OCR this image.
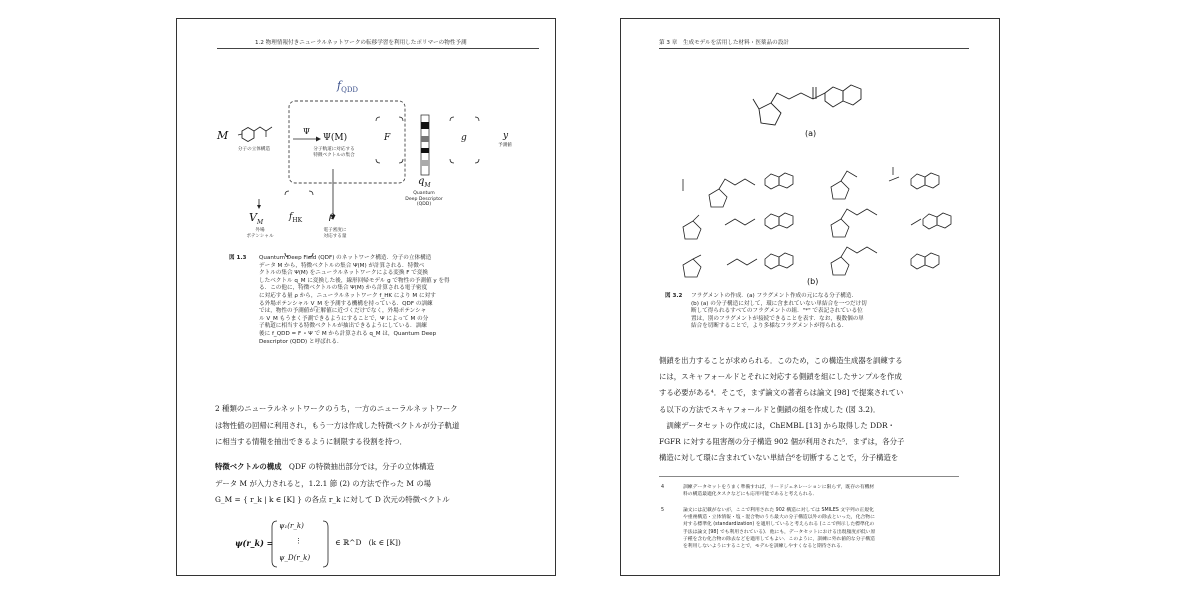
1.2 物理情報付きニューラルネットワークの転移学習を利用したポリマーの物性予測
$f_{QDD}$
M
分子の立体構造
Ψ
Ψ(M)
分子軌道に対応する
特徴ベクトルの集合
F	g	y
予測値
$q_M$
Quantum
Deep Descriptor
(QDD)
$V_M$
外場
ポテンシャル
$f_{HK}$	ρ
電子密度に
対応する量
図 1.3 Quantum Deep Field (QDF) のネットワーク構造．分子の立体構造
データ M から，特徴ベクトルの集合 Ψ(M) が計算される．特徴ベ
クトルの集合 Ψ(M) をニューラルネットワークによる変換 F で変換
したベクトル q_M に変換した後，線形回帰モデル g で物性の予測値 y を得
る．この他に，特徴ベクトルの集合 Ψ(M) から計算される電子密度
に対応する量 ρ から，ニューラルネットワーク f_HK により M に対す
る外場ポテンシャル V_M を予測する機構を持っている．QDF の訓練
では，物性の予測値が正解値に近づくだけでなく，外場ポテンシャ
ル V_M もうまく予測できるようにすることで，Ψ によって M の分
子軌道に相当する特徴ベクトルが抽出できるようにしている．訓練
後に f_QDD = F ∘ Ψ で M から計算される q_M は，Quantum Deep
Descriptor (QDD) と呼ばれる．
2 種類のニューラルネットワークのうち，一方のニューラルネットワーク
は物性値の回帰に利用され，もう一方は作成した特徴ベクトルが分子軌道
に相当する情報を抽出できるように制限する役割を持つ．
特徴ベクトルの構成　QDF の特徴抽出部分では，分子の立体構造
データ M が入力されると，1.2.1 節 (2) の方法で作った M の場
G_M = { r_k | k ∈ [K] } の各点 r_k に対して D 次元の特徴ベクトル
ψ(r_k) =
ψ₁(r_k)
⋮
ψ_D(r_k)
∈ ℝ^D   (k ∈ [K])
第 3 章　生成モデルを活用した材料・医薬品の設計
(a)
(b)
図 3.2 フラグメントの作成．(a) フラグメント作成の元になる分子構造．
(b) (a) の分子構造に対して，環に含まれていない単結合を一つだけ切
断して得られるすべてのフラグメントの組．"*" で表記されている位
置は，別のフラグメントが接続できることを表す．なお，複数個の単
結合を切断することで，より多様なフラグメントが得られる．
側鎖を出力することが求められる．このため，この構造生成器を訓練する
には，スキャフォールドとそれに対応する側鎖を組にしたサンプルを作成
する必要がある⁴．そこで，まず論文の著者らは論文 [98] で提案されてい
る以下の方法でスキャフォールドと側鎖の組を作成した (図 3.2)．
　訓練データセットの作成には，ChEMBL [13] から取得した DDR・
FGFR に対する阻害剤の分子構造 902 個が利用された⁵．まずは，各分子
構造に対して環に含まれていない単結合⁶を切断することで，分子構造を
4	訓練データセットをうまく準備すれば，リードジェネレーションに限らず，既存の有機材
料の構造最適化タスクなどにも応用可能であると考えられる．
5	論文には記載がないが，ここで利用された 902 構造に対しては SMILES 文字列の正規化
や重複構造・立体情報・塩・混合物のうち最大の分子構造以外の除去といった，化合物に
対する標準化 (standardization) を適用していると考えられる (ここで例示した標準化の
手法は論文 [98] でも利用されている)．他にも，データセットにおける出現頻度が低い原
子種を含む化合物の除去などを適用してもよい．このように，訓練に外れ値的な分子構造
を利用しないようにすることで，モデルを訓練しやすくなると期待される．
